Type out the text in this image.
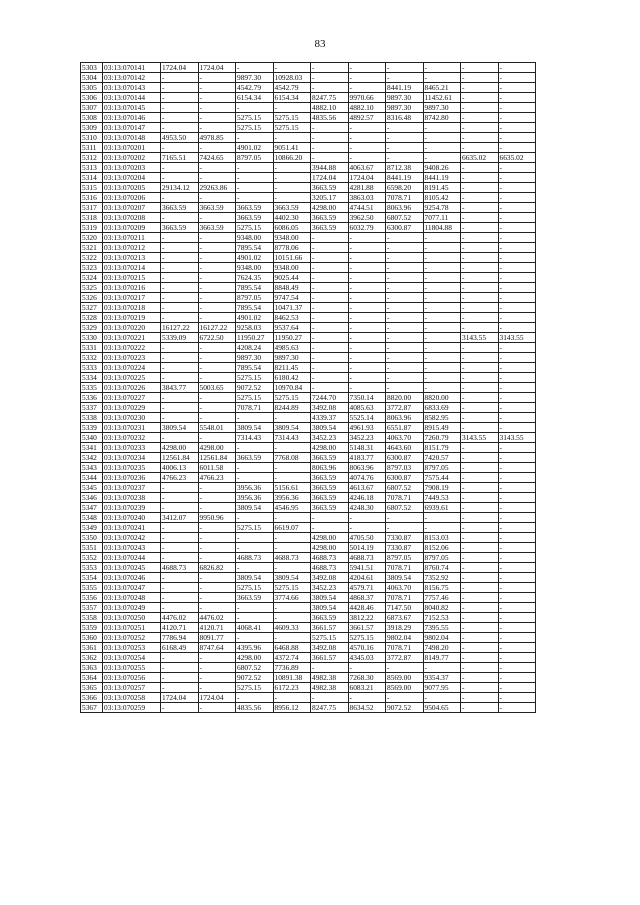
83
5303	03:13:070141	1724.04	1724.04	-	-	-	-	-	-	-	-
5304	03:13:070142	-	-	9897.30	10928.03	-	-	-	-	-	-
5305	03:13:070143	-	-	4542.79	4542.79	-	-	8441.19	8465.21	-	-
5306	03:13:070144	-	-	6154.34	6154.34	8247.75	9970.66	9897.30	11452.61	-	-
5307	03:13:070145	-	-	-	-	4882.10	4882.10	9897.30	9897.30	-	-
5308	03:13:070146	-	-	5275.15	5275.15	4835.56	4892.57	8316.48	8742.80	-	-
5309	03:13:070147	-	-	5275.15	5275.15	-	-	-	-	-	-
5310	03:13:070148	4953.50	4978.85	-	-	-	-	-	-	-	-
5311	03:13:070201	-	-	4901.02	9051.41	-	-	-	-	-	-
5312	03:13:070202	7165.51	7424.65	8797.05	10866.20	-	-	-	-	6635.02	6635.02
5313	03:13:070203	-	-	-	-	3944.88	4063.67	8712.38	9408.26	-	-
5314	03:13:070204	-	-	-	-	1724.04	1724.04	8441.19	8441.19	-	-
5315	03:13:070205	29134.12	29263.86	-	-	3663.59	4281.88	6598.20	8191.45	-	-
5316	03:13:070206	-	-	-	-	3205.17	3863.03	7078.71	8105.42	-	-
5317	03:13:070207	3663.59	3663.59	3663.59	3663.59	4298.00	4744.51	8063.96	9254.78	-	-
5318	03:13:070208	-	-	3663.59	4402.30	3663.59	3962.50	6807.52	7077.11	-	-
5319	03:13:070209	3663.59	3663.59	5275.15	6086.05	3663.59	6032.79	6300.87	11804.88	-	-
5320	03:13:070211	-	-	9348.00	9348.00	-	-	-	-	-	-
5321	03:13:070212	-	-	7895.54	8778.06	-	-	-	-	-	-
5322	03:13:070213	-	-	4901.02	10151.66	-	-	-	-	-	-
5323	03:13:070214	-	-	9348.00	9348.00	-	-	-	-	-	-
5324	03:13:070215	-	-	7624.35	9025.44	-	-	-	-	-	-
5325	03:13:070216	-	-	7895.54	8848.49	-	-	-	-	-	-
5326	03:13:070217	-	-	8797.05	9747.54	-	-	-	-	-	-
5327	03:13:070218	-	-	7895.54	10471.37	-	-	-	-	-	-
5328	03:13:070219	-	-	4901.02	8462.53	-	-	-	-	-	-
5329	03:13:070220	16127.22	16127.22	9258.03	9537.64	-	-	-	-	-	-
5330	03:13:070221	5339.09	6722.50	11950.27	11950.27	-	-	-	-	3143.55	3143.55
5331	03:13:070222	-	-	4208.24	4985.63	-	-	-	-	-	-
5332	03:13:070223	-	-	9897.30	9897.30	-	-	-	-	-	-
5333	03:13:070224	-	-	7895.54	8211.45	-	-	-	-	-	-
5334	03:13:070225	-	-	5275.15	6180.42	-	-	-	-	-	-
5335	03:13:070226	3843.77	5003.65	9072.52	10970.84	-	-	-	-	-	-
5336	03:13:070227	-	-	5275.15	5275.15	7244.70	7350.14	8820.00	8820.00	-	-
5337	03:13:070229	-	-	7078.71	8244.89	3492.08	4085.63	3772.87	6833.69	-	-
5338	03:13:070230	-	-	-	-	4339.37	5525.14	8063.96	8582.95	-	-
5339	03:13:070231	3809.54	5548.01	3809.54	3809.54	3809.54	4961.93	6551.87	8915.49	-	-
5340	03:13:070232	-	-	7314.43	7314.43	3452.23	3452.23	4063.70	7260.79	3143.55	3143.55
5341	03:13:070233	4298.00	4298.00	-	-	4298.00	5148.31	4643.60	8151.79	-	-
5342	03:13:070234	12561.84	12561.84	3663.59	7768.08	3663.59	4183.77	6300.87	7420.57	-	-
5343	03:13:070235	4006.13	6011.58	-	-	8063.96	8063.96	8797.03	8797.05	-	-
5344	03:13:070236	4766.23	4766.23	-	-	3663.59	4074.76	6300.87	7575.44	-	-
5345	03:13:070237	-	-	3956.36	5156.61	3663.59	4613.67	6807.52	7908.19	-	-
5346	03:13:070238	-	-	3956.36	3956.36	3663.59	4246.18	7078.71	7449.53	-	-
5347	03:13:070239	-	-	3809.54	4546.95	3663.59	4248.30	6807.52	6939.61	-	-
5348	03:13:070240	3412.07	9950.96	-	-	-	-	-	-	-	-
5349	03:13:070241	-	-	5275.15	6619.07	-	-	-	-	-	-
5350	03:13:070242	-	-	-	-	4298.00	4705.50	7330.87	8153.03	-	-
5351	03:13:070243	-	-	-	-	4298.00	5014.19	7330.87	8152.06	-	-
5352	03:13:070244	-	-	4688.73	4688.73	4688.73	4688.73	8797.05	8797.05	-	-
5353	03:13:070245	4688.73	6826.82	-	-	4688.73	5941.51	7078.71	8760.74	-	-
5354	03:13:070246	-	-	3809.54	3809.54	3492.08	4204.61	3809.54	7352.92	-	-
5355	03:13:070247	-	-	5275.15	5275.15	3452.23	4579.71	4063.70	8156.75	-	-
5356	03:13:070248	-	-	3663.59	3774.66	3809.54	4868.37	7078.71	7757.46	-	-
5357	03:13:070249	-	-	-	-	3809.54	4428.46	7147.50	8040.82	-	-
5358	03:13:070250	4476.02	4476.02	-	-	3663.59	3812.22	6873.67	7152.53	-	-
5359	03:13:070251	4120.71	4120.71	4068.41	4609.33	3661.57	3661.57	3918.29	7395.55	-	-
5360	03:13:070252	7786.94	8091.77	-	-	5275.15	5275.15	9802.04	9802.04	-	-
5361	03:13:070253	6168.49	8747.64	4395.96	6468.88	3492.08	4570.16	7078.71	7498.20	-	-
5362	03:13:070254	-	-	4298.00	4372.74	3661.57	4345.03	3772.87	8149.77	-	-
5363	03:13:070255	-	-	6807.52	7736.89	-	-	-	-	-	-
5364	03:13:070256	-	-	9072.52	10891.38	4982.38	7268.30	8569.00	9354.37	-	-
5365	03:13:070257	-	-	5275.15	6172.23	4982.38	6083.21	8569.00	9077.95	-	-
5366	03:13:070258	1724.04	1724.04	-	-	-	-	-	-	-	-
5367	03:13:070259	-	-	4835.56	8956.12	8247.75	8634.52	9072.52	9504.65	-	-
